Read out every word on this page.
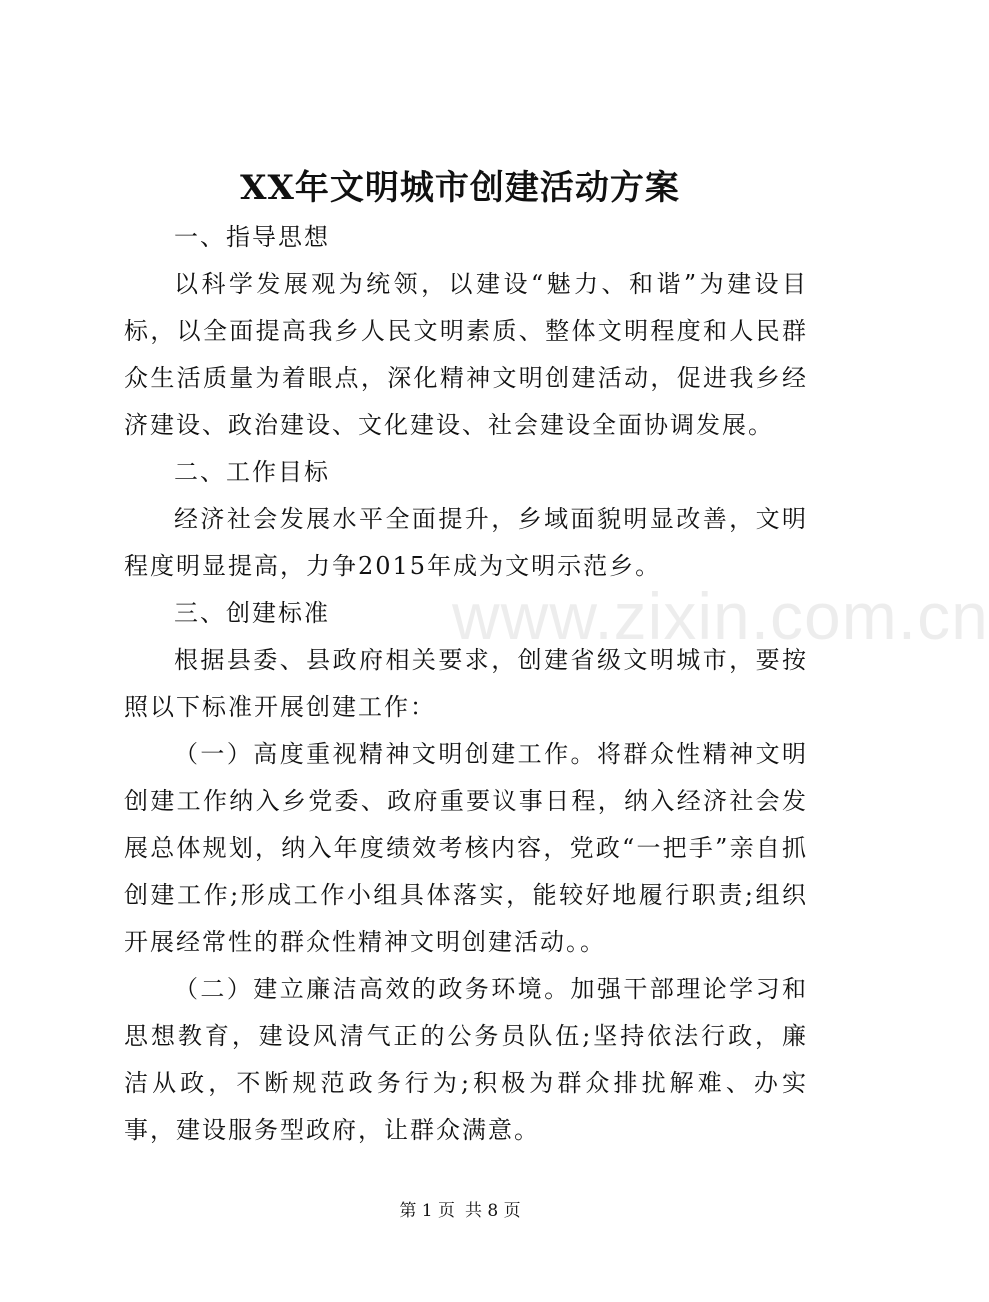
XX年文明城市创建活动方案

一、指导思想

以科学发展观为统领，以建设“魅力、和谐”为建设目标，以全面提高我乡人民文明素质、整体文明程度和人民群众生活质量为着眼点，深化精神文明创建活动，促进我乡经济建设、政治建设、文化建设、社会建设全面协调发展。

二、工作目标

经济社会发展水平全面提升，乡域面貌明显改善，文明程度明显提高，力争2015年成为文明示范乡。

三、创建标准

根据县委、县政府相关要求，创建省级文明城市，要按照以下标准开展创建工作：

（一）高度重视精神文明创建工作。将群众性精神文明创建工作纳入乡党委、政府重要议事日程，纳入经济社会发展总体规划，纳入年度绩效考核内容，党政“一把手”亲自抓创建工作;形成工作小组具体落实，能较好地履行职责;组织开展经常性的群众性精神文明创建活动。。

（二）建立廉洁高效的政务环境。加强干部理论学习和思想教育，建设风清气正的公务员队伍;坚持依法行政，廉洁从政，不断规范政务行为;积极为群众排扰解难、办实事，建设服务型政府，让群众满意。

www.zixin.com.cn
第 1 页 共 8 页
